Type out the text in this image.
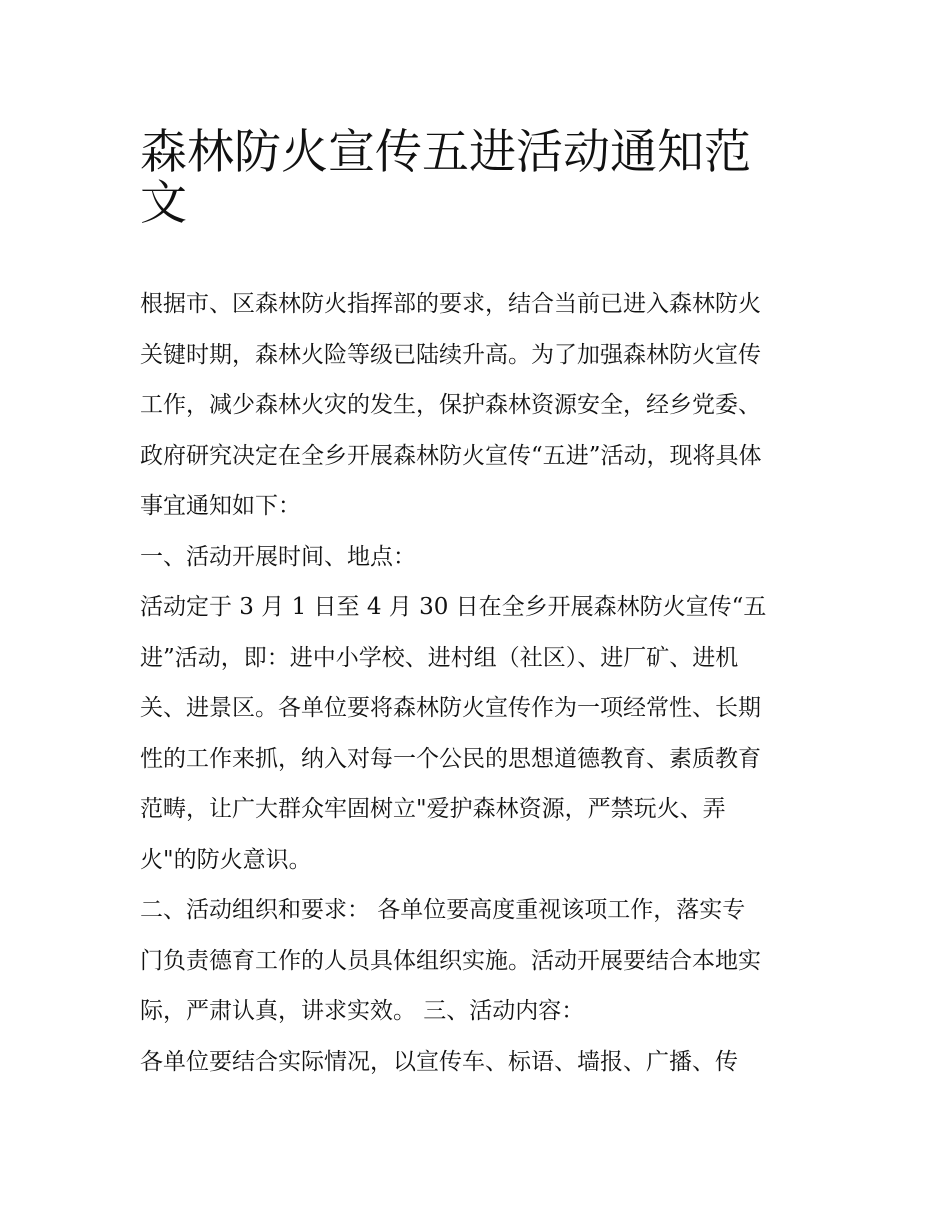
森林防火宣传五进活动通知范
文
根据市、区森林防火指挥部的要求，结合当前已进入森林防火
关键时期，森林火险等级已陆续升高。为了加强森林防火宣传
工作，减少森林火灾的发生，保护森林资源安全，经乡党委、
政府研究决定在全乡开展森林防火宣传“五进”活动，现将具体
事宜通知如下：
一、活动开展时间、地点：
活动定于 3 月 1 日至 4 月 30 日在全乡开展森林防火宣传“五
进”活动，即：进中小学校、进村组（社区）、进厂矿、进机
关、进景区。各单位要将森林防火宣传作为一项经常性、长期
性的工作来抓，纳入对每一个公民的思想道德教育、素质教育
范畴，让广大群众牢固树立"爱护森林资源，严禁玩火、弄
火"的防火意识。
二、活动组织和要求： 各单位要高度重视该项工作，落实专
门负责德育工作的人员具体组织实施。活动开展要结合本地实
际，严肃认真，讲求实效。 三、活动内容：
各单位要结合实际情况，以宣传车、标语、墙报、广播、传
